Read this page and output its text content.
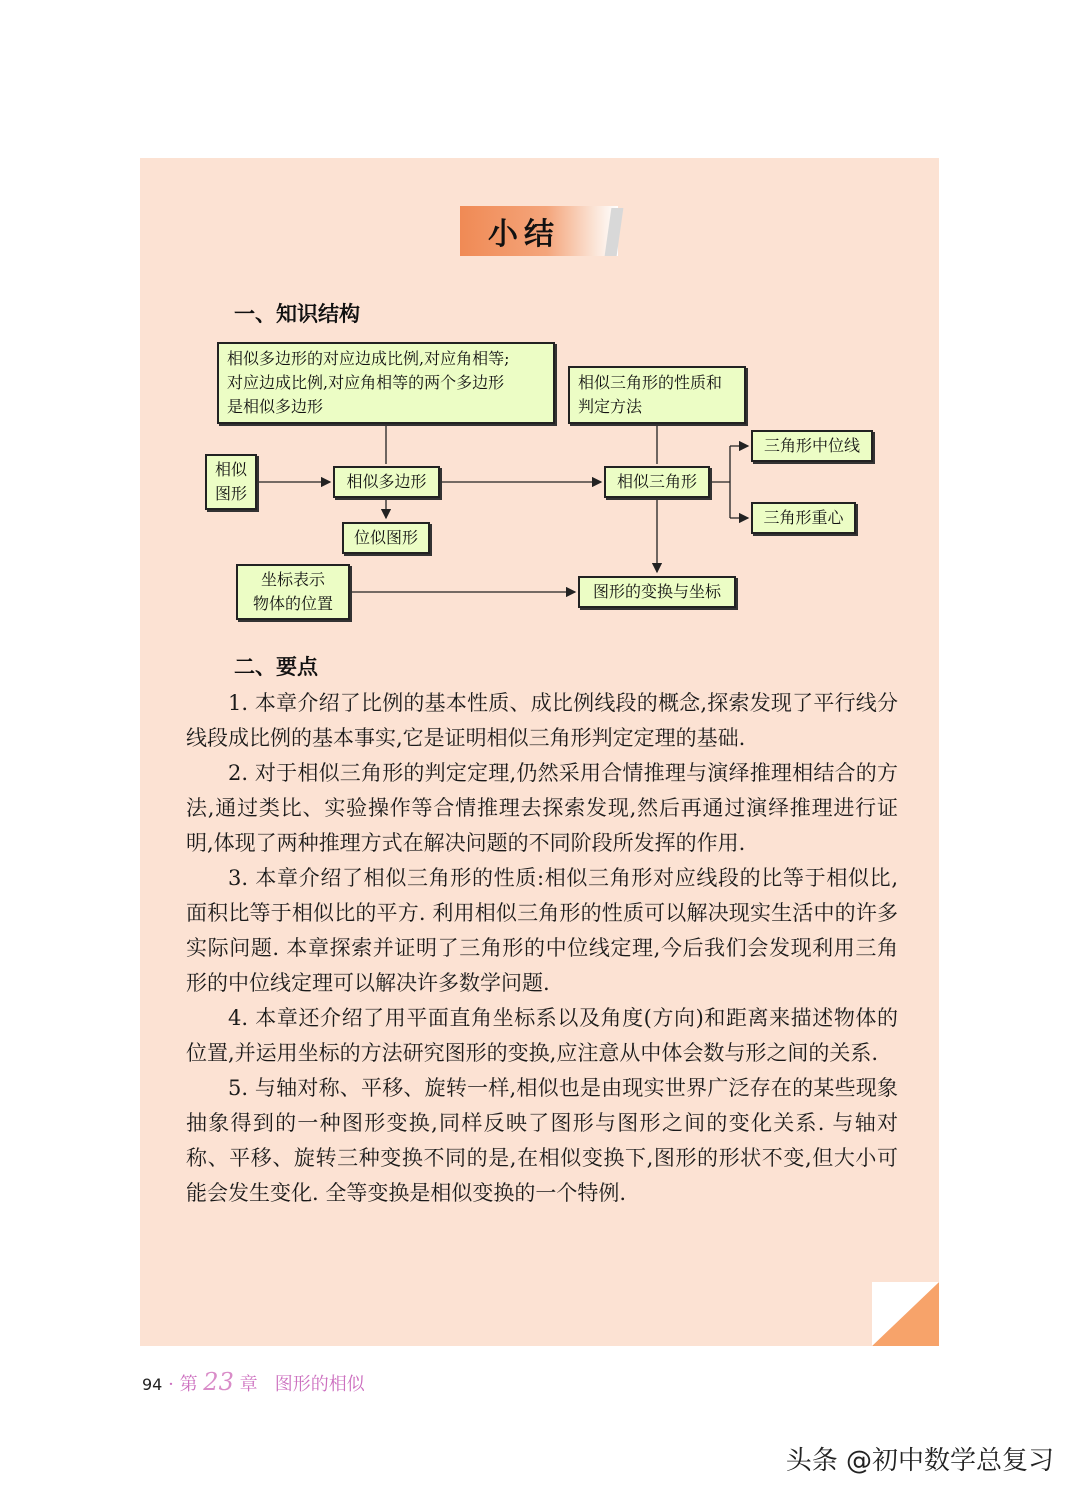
小结
一、知识结构
相似多边形的对应边成比例,对应角相等;
对应边成比例,对应角相等的两个多边形
是相似多边形
相似三角形的性质和
判定方法
相似
图形
相似多边形	相似三角形
三角形中位线
三角形重心
位似图形
坐标表示
物体的位置
图形的变换与坐标
二、要点

1. 本章介绍了比例的基本性质、成比例线段的概念,探索发现了平行线分线段成比例的基本事实,它是证明相似三角形判定定理的基础.

2. 对于相似三角形的判定定理,仍然采用合情推理与演绎推理相结合的方法,通过类比、实验操作等合情推理去探索发现,然后再通过演绎推理进行证明,体现了两种推理方式在解决问题的不同阶段所发挥的作用.

3. 本章介绍了相似三角形的性质:相似三角形对应线段的比等于相似比,面积比等于相似比的平方. 利用相似三角形的性质可以解决现实生活中的许多实际问题. 本章探索并证明了三角形的中位线定理,今后我们会发现利用三角形的中位线定理可以解决许多数学问题.

4. 本章还介绍了用平面直角坐标系以及角度(方向)和距离来描述物体的位置,并运用坐标的方法研究图形的变换,应注意从中体会数与形之间的关系.

5. 与轴对称、平移、旋转一样,相似也是由现实世界广泛存在的某些现象抽象得到的一种图形变换,同样反映了图形与图形之间的变化关系. 与轴对称、平移、旋转三种变换不同的是,在相似变换下,图形的形状不变,但大小可能会发生变化. 全等变换是相似变换的一个特例.

94 · 第 23 章 图形的相似
头条 @初中数学总复习
